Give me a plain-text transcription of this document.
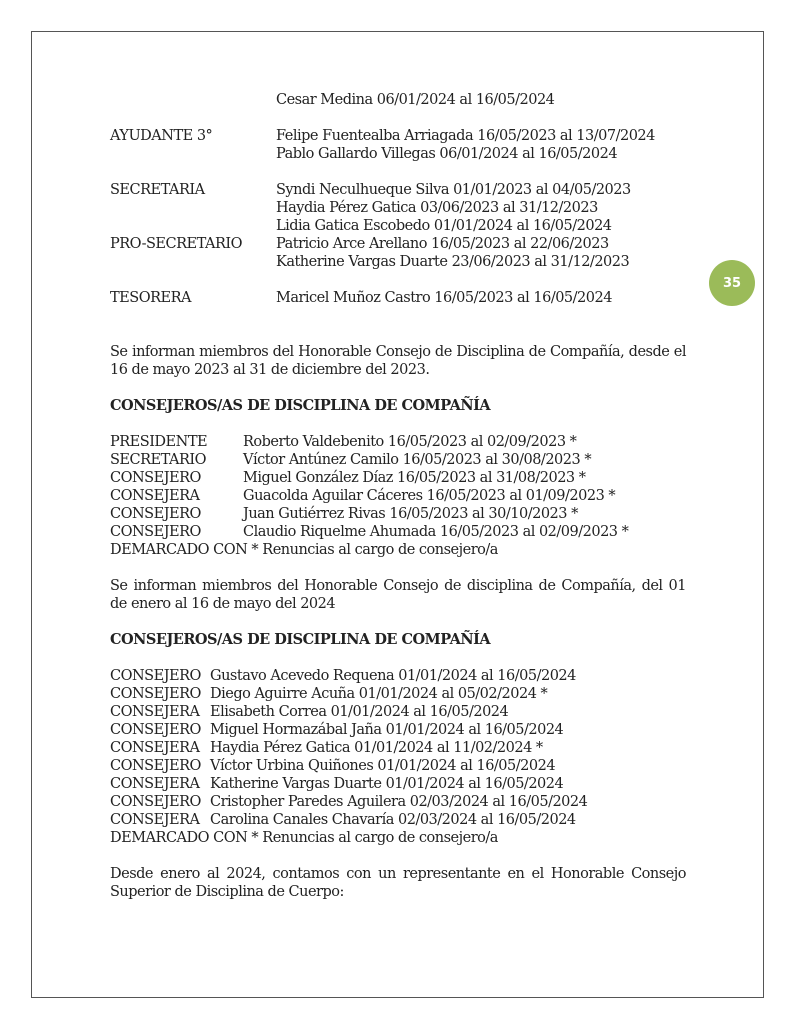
35
Cesar Medina 06/01/2024 al 16/05/2024
AYUDANTE 3°	Felipe Fuentealba Arriagada 16/05/2023 al 13/07/2024
Pablo Gallardo Villegas 06/01/2024 al 16/05/2024
SECRETARIA	Syndi Neculhueque Silva 01/01/2023 al 04/05/2023
Haydia Pérez Gatica 03/06/2023 al 31/12/2023
Lidia Gatica Escobedo 01/01/2024 al 16/05/2024
PRO-SECRETARIO	Patricio Arce Arellano 16/05/2023 al 22/06/2023
Katherine Vargas Duarte 23/06/2023 al 31/12/2023
TESORERA	Maricel Muñoz Castro 16/05/2023 al 16/05/2024
Se informan miembros del Honorable Consejo de Disciplina de Compañía, desde el 16 de mayo 2023 al 31 de diciembre del 2023.
CONSEJEROS/AS DE DISCIPLINA DE COMPAÑÍA
PRESIDENTE	Roberto Valdebenito 16/05/2023 al 02/09/2023 *
SECRETARIO	Víctor Antúnez Camilo 16/05/2023 al 30/08/2023 *
CONSEJERO	Miguel González Díaz 16/05/2023 al 31/08/2023 *
CONSEJERA	Guacolda Aguilar Cáceres 16/05/2023 al 01/09/2023 *
CONSEJERO	Juan Gutiérrez Rivas 16/05/2023 al 30/10/2023 *
CONSEJERO	Claudio Riquelme Ahumada 16/05/2023 al 02/09/2023 *
DEMARCADO CON * Renuncias al cargo de consejero/a
Se informan miembros del Honorable Consejo de disciplina de Compañía, del 01 de enero al 16 de mayo del 2024
CONSEJEROS/AS DE DISCIPLINA DE COMPAÑÍA
CONSEJERO Gustavo Acevedo Requena 01/01/2024 al 16/05/2024
CONSEJERO Diego Aguirre Acuña 01/01/2024 al 05/02/2024 *
CONSEJERA Elisabeth Correa 01/01/2024 al 16/05/2024
CONSEJERO Miguel Hormazábal Jaña 01/01/2024 al 16/05/2024
CONSEJERA Haydia Pérez Gatica 01/01/2024 al 11/02/2024 *
CONSEJERO Víctor Urbina Quiñones 01/01/2024 al 16/05/2024
CONSEJERA Katherine Vargas Duarte 01/01/2024 al 16/05/2024
CONSEJERO Cristopher Paredes Aguilera 02/03/2024 al 16/05/2024
CONSEJERA Carolina Canales Chavaría 02/03/2024 al 16/05/2024
DEMARCADO CON * Renuncias al cargo de consejero/a
Desde enero al 2024, contamos con un representante en el Honorable Consejo Superior de Disciplina de Cuerpo:
